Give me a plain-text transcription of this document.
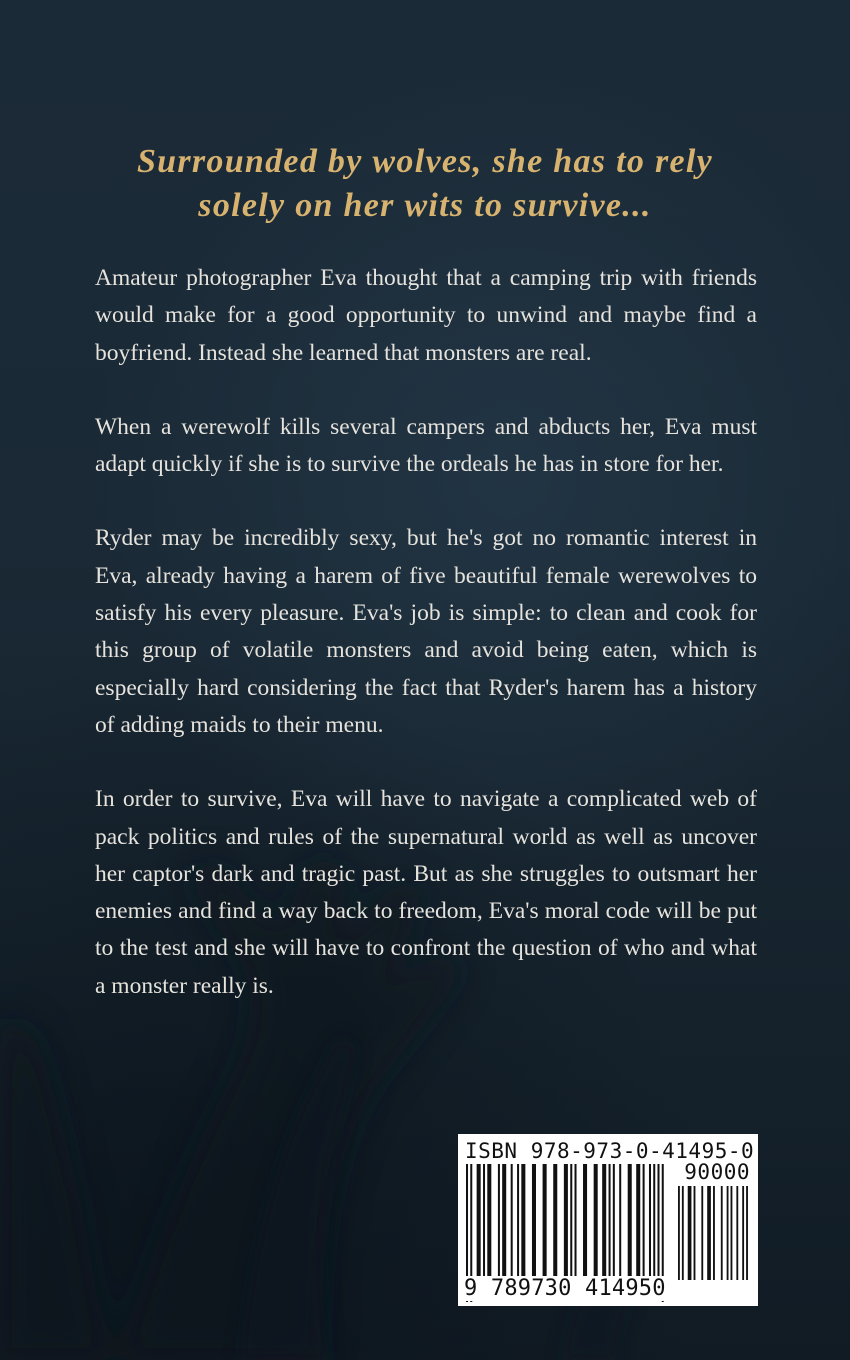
Surrounded by wolves, she has to rely solely on her wits to survive...

Amateur photographer Eva thought that a camping trip with friends would make for a good opportunity to unwind and maybe find a boyfriend. Instead she learned that monsters are real.

When a werewolf kills several campers and abducts her, Eva must adapt quickly if she is to survive the ordeals he has in store for her.

Ryder may be incredibly sexy, but he's got no romantic interest in Eva, already having a harem of five beautiful female werewolves to satisfy his every pleasure. Eva's job is simple: to clean and cook for this group of volatile monsters and avoid being eaten, which is especially hard considering the fact that Ryder's harem has a history of adding maids to their menu.

In order to survive, Eva will have to navigate a complicated web of pack politics and rules of the supernatural world as well as uncover her captor's dark and tragic past. But as she struggles to outsmart her enemies and find a way back to freedom, Eva's moral code will be put to the test and she will have to confront the question of who and what a monster really is.

ISBN 978-973-0-41495-0
90000
9 789730 414950
